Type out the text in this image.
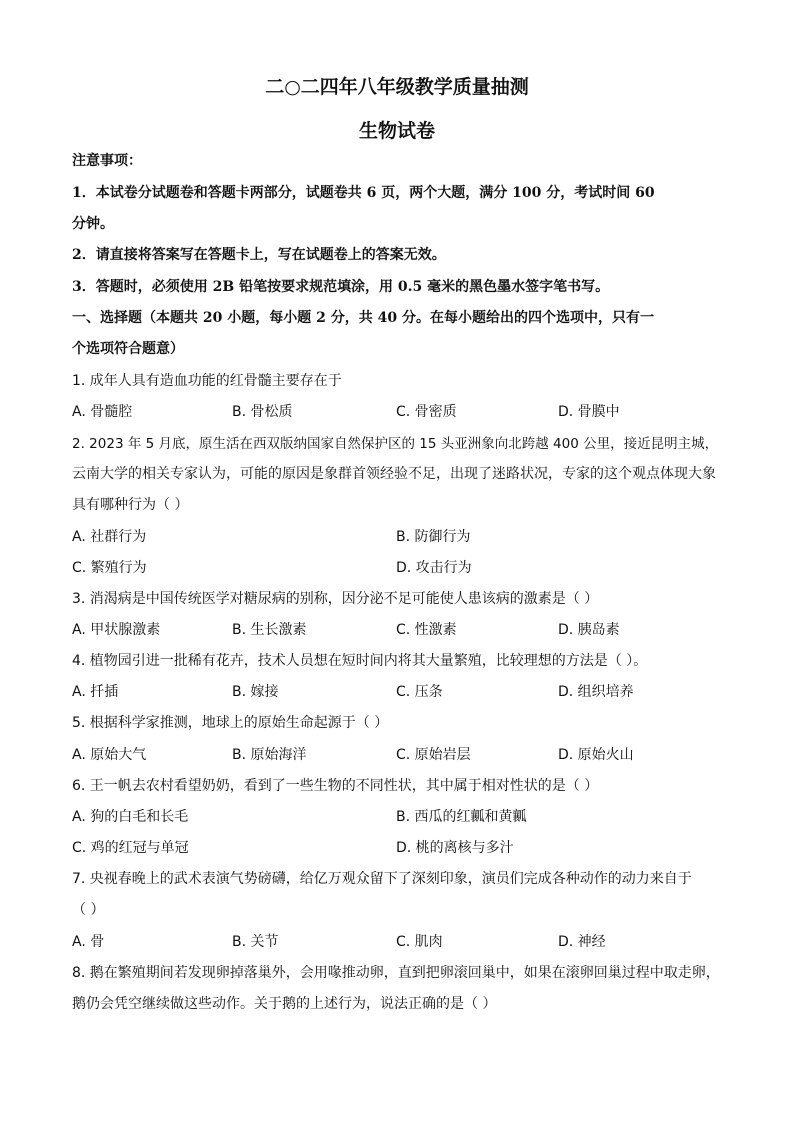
二○二四年八年级教学质量抽测
生物试卷
注意事项：
1．本试卷分试题卷和答题卡两部分，试题卷共 6 页，两个大题，满分 100 分，考试时间 60
分钟。
2．请直接将答案写在答题卡上，写在试题卷上的答案无效。
3．答题时，必须使用 2B 铅笔按要求规范填涂，用 0.5 毫米的黑色墨水签字笔书写。
一、选择题（本题共 20 小题，每小题 2 分，共 40 分。在每小题给出的四个选项中，只有一
个选项符合题意）
1. 成年人具有造血功能的红骨髓主要存在于
A. 骨髓腔	B. 骨松质	C. 骨密质	D. 骨膜中
2. 2023 年 5 月底，原生活在西双版纳国家自然保护区的 15 头亚洲象向北跨越 400 公里，接近昆明主城，
云南大学的相关专家认为，可能的原因是象群首领经验不足，出现了迷路状况，专家的这个观点体现大象
具有哪种行为（ ）
A. 社群行为	B. 防御行为
C. 繁殖行为	D. 攻击行为
3. 消渴病是中国传统医学对糖尿病的别称，因分泌不足可能使人患该病的激素是（ ）
A. 甲状腺激素	B. 生长激素	C. 性激素	D. 胰岛素
4. 植物园引进一批稀有花卉，技术人员想在短时间内将其大量繁殖，比较理想的方法是（ ）。
A. 扦插	B. 嫁接	C. 压条	D. 组织培养
5. 根据科学家推测，地球上的原始生命起源于（ ）
A. 原始大气	B. 原始海洋	C. 原始岩层	D. 原始火山
6. 王一帆去农村看望奶奶，看到了一些生物的不同性状，其中属于相对性状的是（ ）
A. 狗的白毛和长毛	B. 西瓜的红瓤和黄瓤
C. 鸡的红冠与单冠	D. 桃的离核与多汁
7. 央视春晚上的武术表演气势磅礴，给亿万观众留下了深刻印象，演员们完成各种动作的动力来自于
（ ）
A. 骨	B. 关节	C. 肌肉	D. 神经
8. 鹅在繁殖期间若发现卵掉落巢外，会用喙推动卵，直到把卵滚回巢中，如果在滚卵回巢过程中取走卵，
鹅仍会凭空继续做这些动作。关于鹅的上述行为，说法正确的是（ ）
